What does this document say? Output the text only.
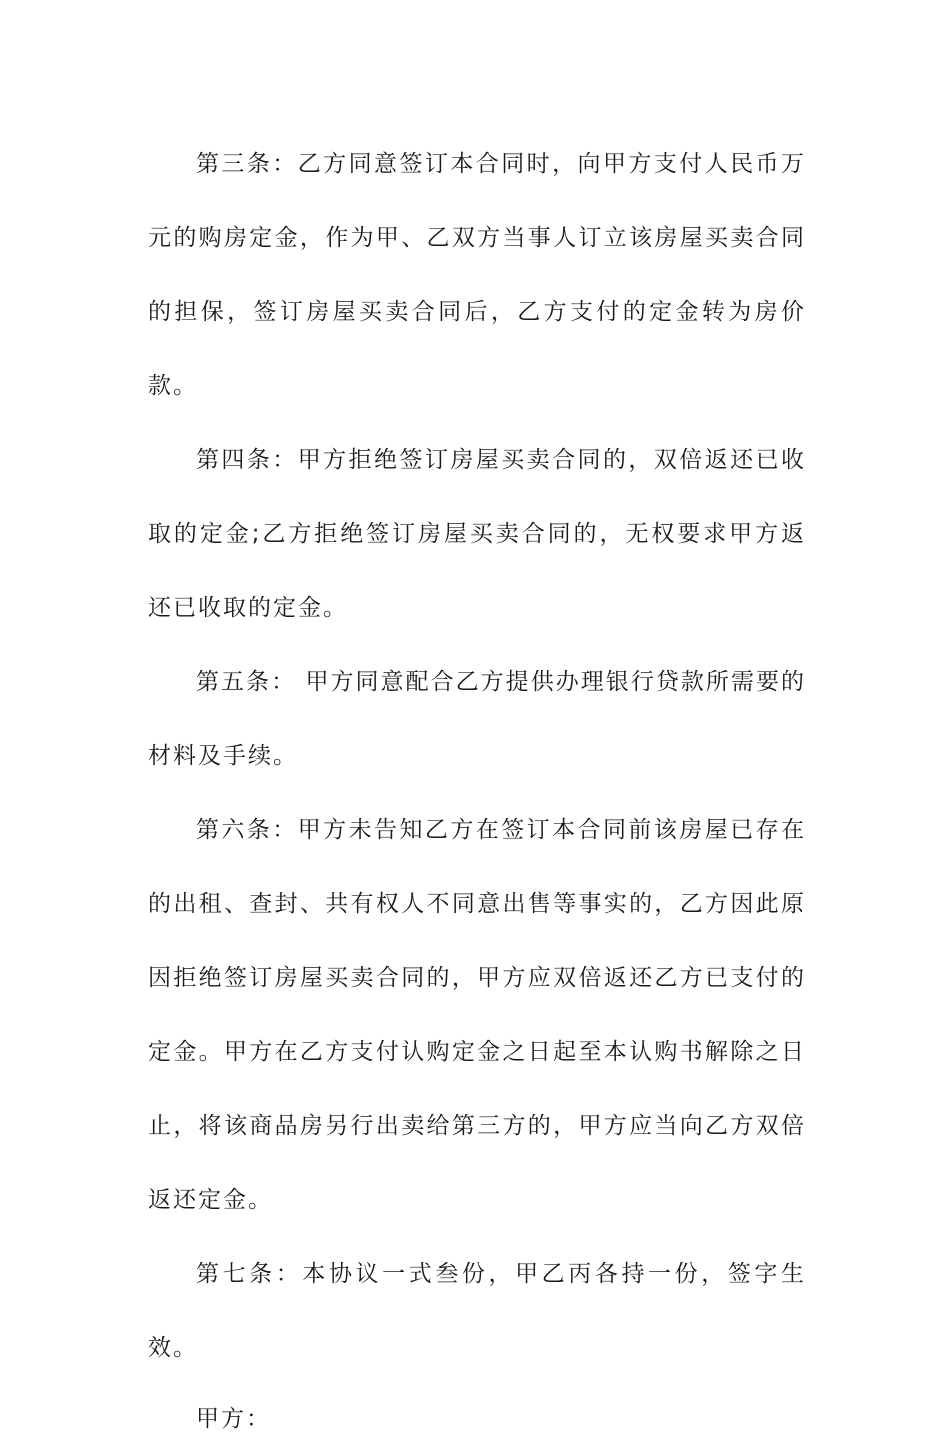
第三条：乙方同意签订本合同时，向甲方支付人民币万元的购房定金，作为甲、乙双方当事人订立该房屋买卖合同的担保，签订房屋买卖合同后，乙方支付的定金转为房价款。

第四条：甲方拒绝签订房屋买卖合同的，双倍返还已收取的定金;乙方拒绝签订房屋买卖合同的，无权要求甲方返还已收取的定金。

第五条： 甲方同意配合乙方提供办理银行贷款所需要的材料及手续。

第六条：甲方未告知乙方在签订本合同前该房屋已存在的出租、查封、共有权人不同意出售等事实的，乙方因此原因拒绝签订房屋买卖合同的，甲方应双倍返还乙方已支付的定金。甲方在乙方支付认购定金之日起至本认购书解除之日止，将该商品房另行出卖给第三方的，甲方应当向乙方双倍返还定金。

第七条：本协议一式叁份，甲乙丙各持一份，签字生效。

甲方：
